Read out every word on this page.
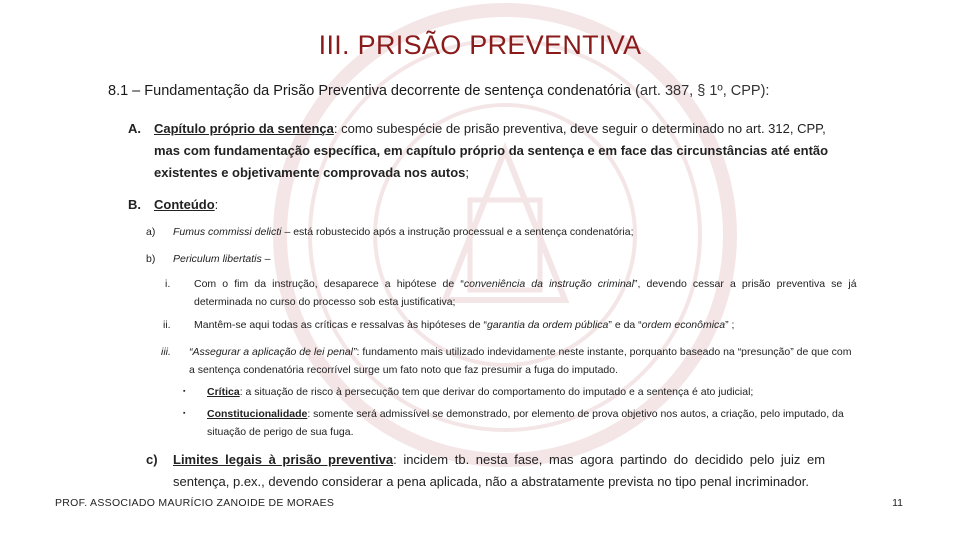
III. PRISÃO PREVENTIVA
8.1 – Fundamentação da Prisão Preventiva decorrente de sentença condenatória (art. 387, § 1º, CPP):
A. Capítulo próprio da sentença: como subespécie de prisão preventiva, deve seguir o determinado no art. 312, CPP,
mas com fundamentação específica, em capítulo próprio da sentença e em face das circunstâncias até então
existentes e objetivamente comprovada nos autos;
B. Conteúdo:
a) Fumus commissi delicti – está robustecido após a instrução processual e a sentença condenatória;
b) Periculum libertatis –
i. Com o fim da instrução, desaparece a hipótese de “conveniência da instrução criminal”, devendo cessar a prisão preventiva se já
determinada no curso do processo sob esta justificativa;
ii. Mantêm-se aqui todas as críticas e ressalvas às hipóteses de “garantia da ordem pública” e da “ordem econômica” ;
iii. “Assegurar a aplicação de lei penal”: fundamento mais utilizado indevidamente neste instante, porquanto baseado na “presunção” de que com
a sentença condenatória recorrível surge um fato noto que faz presumir a fuga do imputado.
▪ Crítica: a situação de risco à persecução tem que derivar do comportamento do imputado e a sentença é ato judicial;
▪ Constitucionalidade: somente será admissível se demonstrado, por elemento de prova objetivo nos autos, a criação, pelo imputado, da
situação de perigo de sua fuga.
c) Limites legais à prisão preventiva: incidem tb. nesta fase, mas agora partindo do decidido pelo juiz em
sentença, p.ex., devendo considerar a pena aplicada, não a abstratamente prevista no tipo penal incriminador.
PROF. ASSOCIADO MAURÍCIO ZANOIDE DE MORAES	11
